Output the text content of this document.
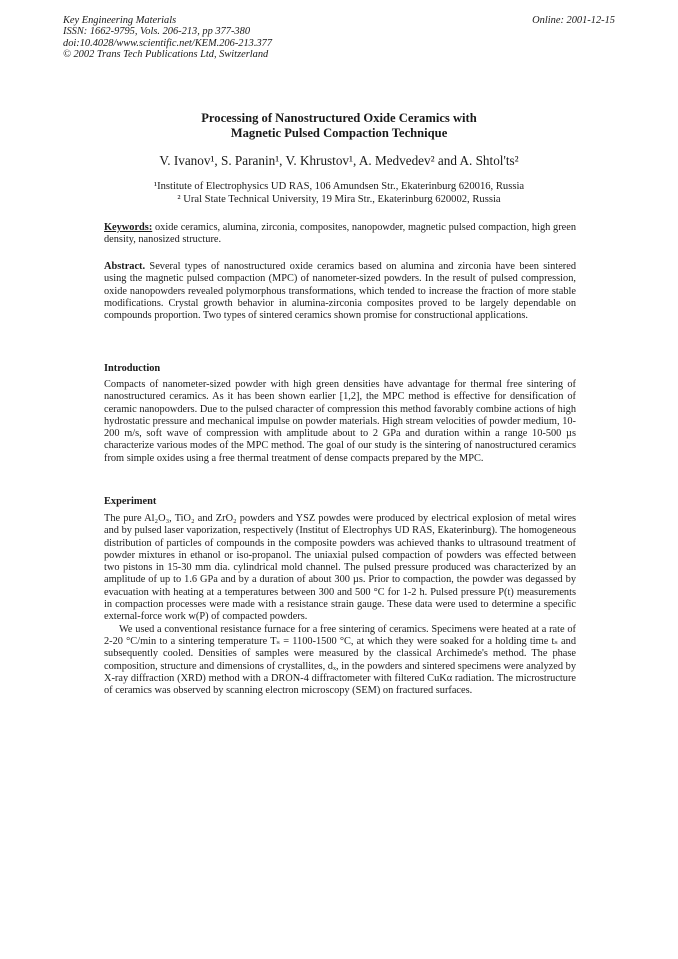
Key Engineering Materials
ISSN: 1662-9795, Vols. 206-213, pp 377-380
doi:10.4028/www.scientific.net/KEM.206-213.377
© 2002 Trans Tech Publications Ltd, Switzerland
Online: 2001-12-15
Processing of Nanostructured Oxide Ceramics with
Magnetic Pulsed Compaction Technique
V. Ivanov¹, S. Paranin¹, V. Khrustov¹, A. Medvedev² and A. Shtol'ts²
¹Institute of Electrophysics UD RAS, 106 Amundsen Str., Ekaterinburg 620016, Russia
² Ural State Technical University, 19 Mira Str., Ekaterinburg 620002, Russia
Keywords: oxide ceramics, alumina, zirconia, composites, nanopowder, magnetic pulsed compaction, high green density, nanosized structure.
Abstract. Several types of nanostructured oxide ceramics based on alumina and zirconia have been sintered using the magnetic pulsed compaction (MPC) of nanometer-sized powders. In the result of pulsed compression, oxide nanopowders revealed polymorphous transformations, which tended to increase the fraction of more stable modifications. Crystal growth behavior in alumina-zirconia composites proved to be largely dependable on compounds proportion. Two types of sintered ceramics shown promise for constructional applications.
Introduction
Compacts of nanometer-sized powder with high green densities have advantage for thermal free sintering of nanostructured ceramics. As it has been shown earlier [1,2], the MPC method is effective for densification of ceramic nanopowders. Due to the pulsed character of compression this method favorably combine actions of high hydrostatic pressure and mechanical impulse on powder materials. High stream velocities of powder medium, 10-200 m/s, soft wave of compression with amplitude about to 2 GPa and duration within a range 10-500 µs characterize various modes of the MPC method. The goal of our study is the sintering of nanostructured ceramics from simple oxides using a free thermal treatment of dense compacts prepared by the MPC.
Experiment

The pure Al₂O₃, TiO₂ and ZrO₂ powders and YSZ powdes were produced by electrical explosion of metal wires and by pulsed laser vaporization, respectively (Institut of Electrophys UD RAS, Ekaterinburg). The homogeneous distribution of particles of compounds in the composite powders was achieved thanks to ultrasound treatment of powder mixtures in ethanol or iso-propanol. The uniaxial pulsed compaction of powders was effected between two pistons in 15-30 mm dia. cylindrical mold channel. The pulsed pressure produced was characterized by an amplitude of up to 1.6 GPa and by a duration of about 300 µs. Prior to compaction, the powder was degassed by evacuation with heating at a temperatures between 300 and 500 °C for 1-2 h. Pulsed pressure P(t) measurements in compaction processes were made with a resistance strain gauge. These data were used to determine a specific external-force work w(P) of compacted powders.

We used a conventional resistance furnace for a free sintering of ceramics. Specimens were heated at a rate of 2-20 °C/min to a sintering temperature Tₛ = 1100-1500 °C, at which they were soaked for a holding time tₛ and subsequently cooled. Densities of samples were measured by the classical Archimede's method. The phase composition, structure and dimensions of crystallites, dₓ, in the powders and sintered specimens were analyzed by X-ray diffraction (XRD) method with a DRON-4 diffractometer with filtered CuKα radiation. The microstructure of ceramics was observed by scanning electron microscopy (SEM) on fractured surfaces.
